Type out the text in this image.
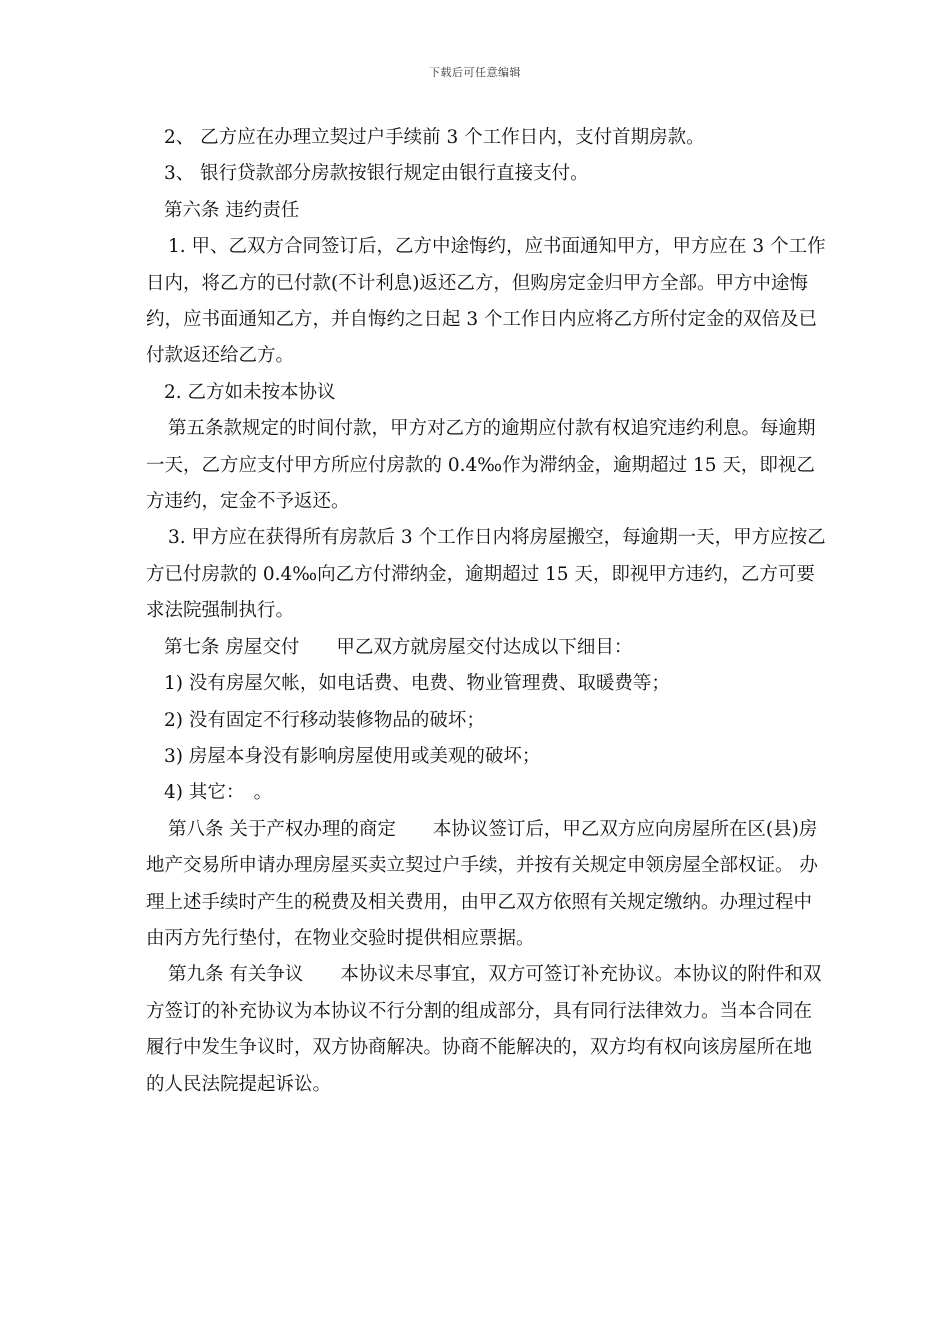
下载后可任意编辑

2、 乙方应在办理立契过户手续前 3 个工作日内，支付首期房款。

3、 银行贷款部分房款按银行规定由银行直接支付。

第六条 违约责任

1. 甲、乙双方合同签订后，乙方中途悔约，应书面通知甲方，甲方应在 3 个工作日内，将乙方的已付款(不计利息)返还乙方，但购房定金归甲方全部。甲方中途悔约，应书面通知乙方，并自悔约之日起 3 个工作日内应将乙方所付定金的双倍及已付款返还给乙方。

2. 乙方如未按本协议

第五条款规定的时间付款，甲方对乙方的逾期应付款有权追究违约利息。每逾期一天，乙方应支付甲方所应付房款的 0.4‰作为滞纳金，逾期超过 15 天，即视乙方违约，定金不予返还。

3. 甲方应在获得所有房款后 3 个工作日内将房屋搬空，每逾期一天，甲方应按乙方已付房款的 0.4‰向乙方付滞纳金，逾期超过 15 天，即视甲方违约，乙方可要求法院强制执行。

第七条 房屋交付　　甲乙双方就房屋交付达成以下细目：

1) 没有房屋欠帐，如电话费、电费、物业管理费、取暖费等；

2) 没有固定不行移动装修物品的破坏；

3) 房屋本身没有影响房屋使用或美观的破坏；

4) 其它：　。

第八条 关于产权办理的商定　　本协议签订后，甲乙双方应向房屋所在区(县)房地产交易所申请办理房屋买卖立契过户手续，并按有关规定申领房屋全部权证。 办理上述手续时产生的税费及相关费用，由甲乙双方依照有关规定缴纳。办理过程中由丙方先行垫付，在物业交验时提供相应票据。

第九条 有关争议　　本协议未尽事宜，双方可签订补充协议。本协议的附件和双方签订的补充协议为本协议不行分割的组成部分，具有同行法律效力。当本合同在履行中发生争议时，双方协商解决。协商不能解决的，双方均有权向该房屋所在地的人民法院提起诉讼。
